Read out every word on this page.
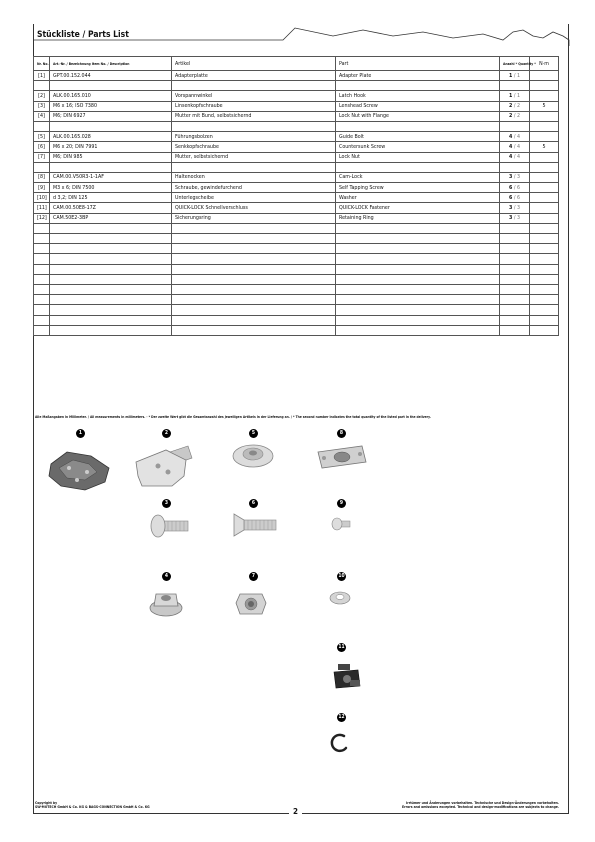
Stückliste / Parts List
Nr. No.	Art.-Nr. / Bezeichnung Item No. / Description	Artikel	Part	Anzahl * Quantity *	N·m
[1]	GPT.00.152.044	Adapterplatte	Adapter Plate	1 / 1	

[2]	ALK.00.165.010	Vorspannwinkel	Latch Hook	1 / 1	
[3]	M6 x 16; ISO 7380	Linsenkopfschraube	Lenshead Screw	2 / 2	5
[4]	M6; DIN 6927	Mutter mit Bund, selbstsichernd	Lock Nut with Flange	2 / 2	

[5]	ALK.00.165.028	Führungsbolzen	Guide Bolt	4 / 4	
[6]	M6 x 20; DIN 7991	Senkkopfschraube	Countersunk Screw	4 / 4	5
[7]	M6; DIN 985	Mutter, selbstsichernd	Lock Nut	4 / 4	

[8]	CAM.00.V50R3-1-1AF	Haltenocken	Cam-Lock	3 / 3	
[9]	M3 x 6; DIN 7500	Schraube, gewindefurchend	Self Tapping Screw	6 / 6	
[10]	d 3,2; DIN 125	Unterlegscheibe	Washer	6 / 6	
[11]	CAM.00.50E8-17Z	QUICK-LOCK Schnellverschluss	QUICK-LOCK Fastener	3 / 3	
[12]	CAM.50E2-3BP	Sicherungsring	Retaining Ring	3 / 3	

Alle Maßangaben in Millimeter. / All measurements in millimeters. · * Der zweite Wert gibt die Gesamtanzahl des jeweiligen Artikels in der Lieferung an. / * The second number indicates the total quantity of the listed part in the delivery.
1	2	5	8
3	6	9
4	7	10
11
12
Copyright by
SW-MOTECH GmbH & Co. KG & BAGS-CONNECTION GmbH & Co. KG	2
Irrtümer und Änderungen vorbehalten. Technische und Design-Änderungen vorbehalten.
Errors and omissions excepted. Technical and design-modifications are subjects to change.
